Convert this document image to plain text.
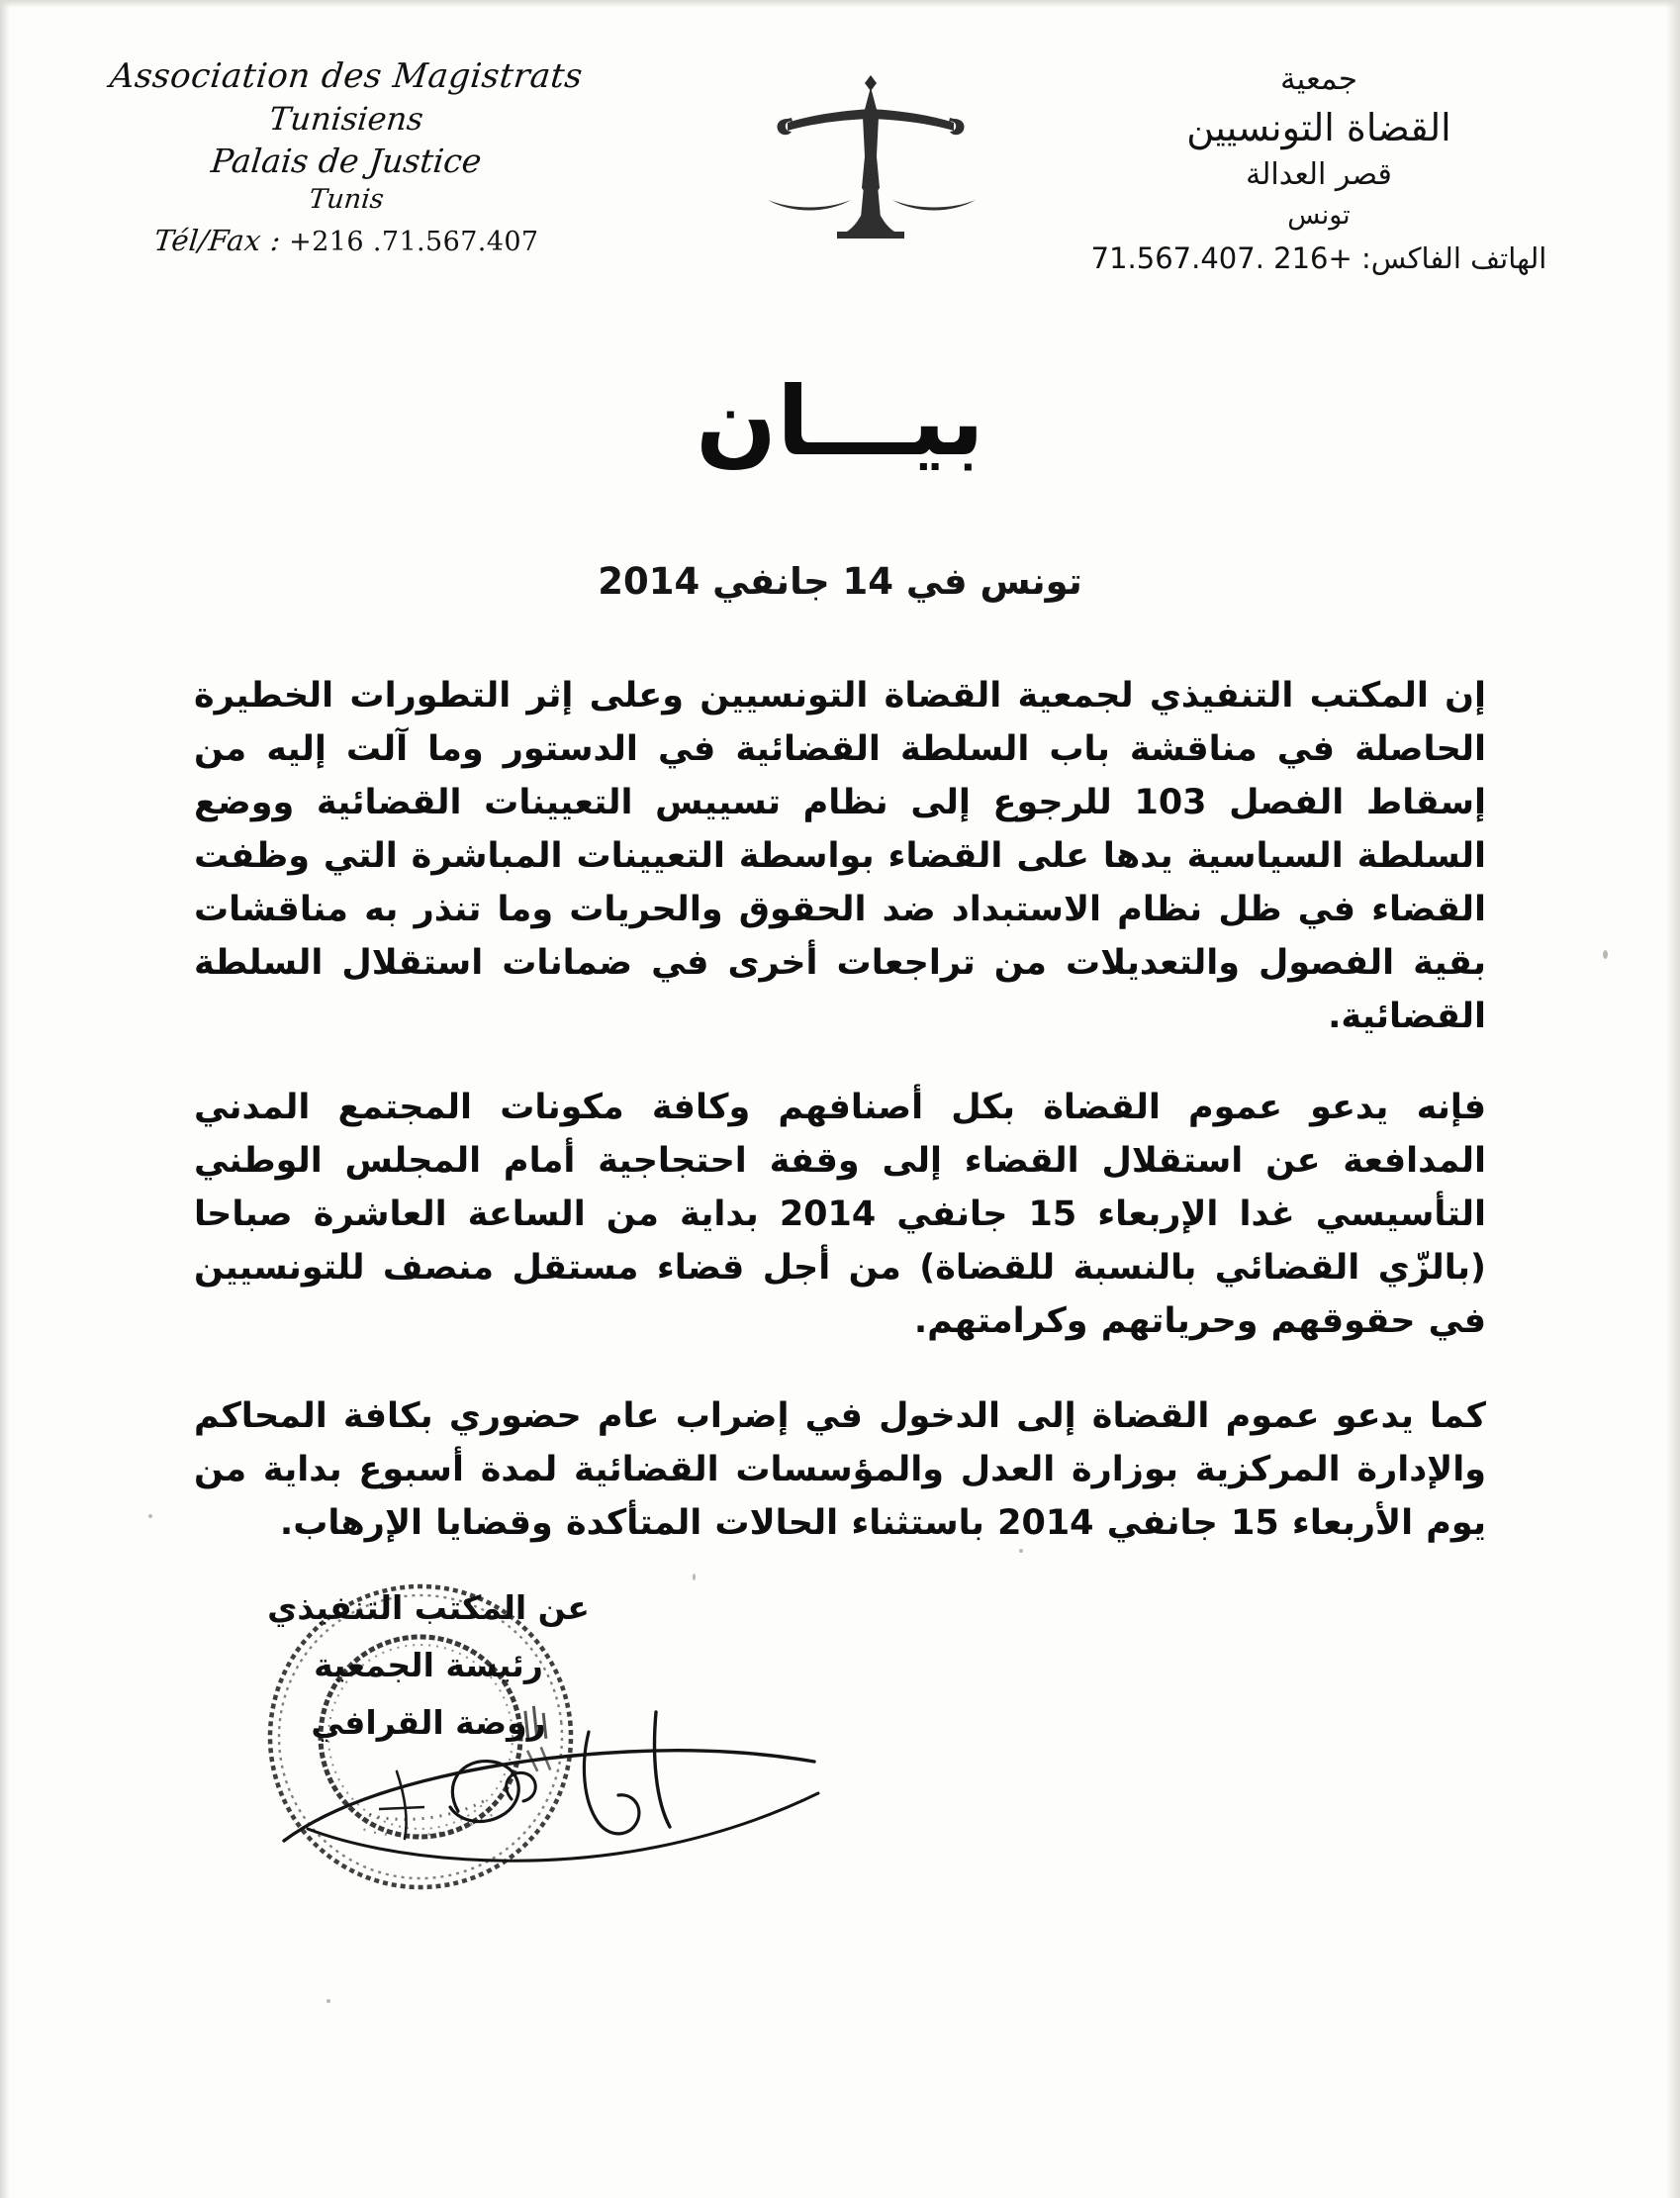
Association des Magistrats
Tunisiens
Palais de Justice
Tunis
Tél/Fax : +216 .71.567.407
جمعية
القضاة التونسيين
قصر العدالة
تونس
الهاتف الفاكس: +216 .71.567.407
بيـــان
تونس في 14 جانفي 2014

إن المكتب التنفيذي لجمعية القضاة التونسيين وعلى إثر التطورات الخطيرة الحاصلة في مناقشة باب السلطة القضائية في الدستور وما آلت إليه من إسقاط الفصل 103 للرجوع إلى نظام تسييس التعيينات القضائية ووضع السلطة السياسية يدها على القضاء بواسطة التعيينات المباشرة التي وظفت القضاء في ظل نظام الاستبداد ضد الحقوق والحريات وما تنذر به مناقشات بقية الفصول والتعديلات من تراجعات أخرى في ضمانات استقلال السلطة القضائية.

فإنه يدعو عموم القضاة بكل أصنافهم وكافة مكونات المجتمع المدني المدافعة عن استقلال القضاء إلى وقفة احتجاجية أمام المجلس الوطني التأسيسي غدا الإربعاء 15 جانفي 2014 بداية من الساعة العاشرة صباحا (بالزّي القضائي بالنسبة للقضاة) من أجل قضاء مستقل منصف للتونسيين في حقوقهم وحرياتهم وكرامتهم.

كما يدعو عموم القضاة إلى الدخول في إضراب عام حضوري بكافة المحاكم والإدارة المركزية بوزارة العدل والمؤسسات القضائية لمدة أسبوع بداية من يوم الأربعاء 15 جانفي 2014 باستثناء الحالات المتأكدة وقضايا الإرهاب.

عن المكتب التنفيذي
رئيسة الجمعية
روضة القرافي
